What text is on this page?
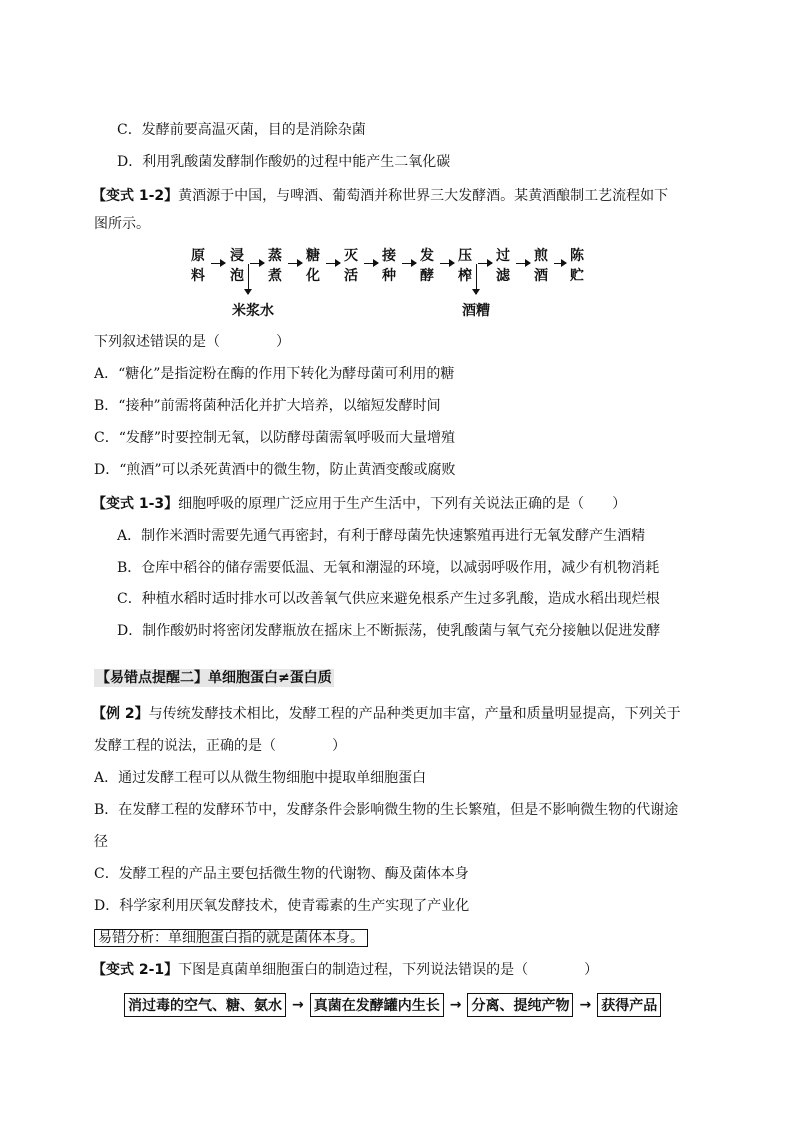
C．发酵前要高温灭菌，目的是消除杂菌
D．利用乳酸菌发酵制作酸奶的过程中能产生二氧化碳
【变式 1-2】黄酒源于中国，与啤酒、葡萄酒并称世界三大发酵酒。某黄酒酿制工艺流程如下
图所示。
原
料
浸
泡
蒸
煮
糖
化
灭
活
接
种
发
酵
压
榨
过
滤
煎
酒
陈
贮
米浆水	酒糟
下列叙述错误的是（　　　　）
A．“糖化”是指淀粉在酶的作用下转化为酵母菌可利用的糖
B．“接种”前需将菌种活化并扩大培养，以缩短发酵时间
C．“发酵”时要控制无氧，以防酵母菌需氧呼吸而大量增殖
D．“煎酒”可以杀死黄酒中的微生物，防止黄酒变酸或腐败
【变式 1-3】细胞呼吸的原理广泛应用于生产生活中，下列有关说法正确的是（　　）
A．制作米酒时需要先通气再密封，有利于酵母菌先快速繁殖再进行无氧发酵产生酒精
B．仓库中稻谷的储存需要低温、无氧和潮湿的环境，以减弱呼吸作用，减少有机物消耗
C．种植水稻时适时排水可以改善氧气供应来避免根系产生过多乳酸，造成水稻出现烂根
D．制作酸奶时将密闭发酵瓶放在摇床上不断振荡，使乳酸菌与氧气充分接触以促进发酵
【易错点提醒二】单细胞蛋白≠蛋白质
【例 2】与传统发酵技术相比，发酵工程的产品种类更加丰富，产量和质量明显提高，下列关于
发酵工程的说法，正确的是（　　　　）
A．通过发酵工程可以从微生物细胞中提取单细胞蛋白
B．在发酵工程的发酵环节中，发酵条件会影响微生物的生长繁殖，但是不影响微生物的代谢途
径
C．发酵工程的产品主要包括微生物的代谢物、酶及菌体本身
D．科学家利用厌氧发酵技术，使青霉素的生产实现了产业化
易错分析：单细胞蛋白指的就是菌体本身。
【变式 2-1】下图是真菌单细胞蛋白的制造过程，下列说法错误的是（　　　　）
消过毒的空气、糖、氨水 → 真菌在发酵罐内生长 → 分离、提纯产物 → 获得产品
